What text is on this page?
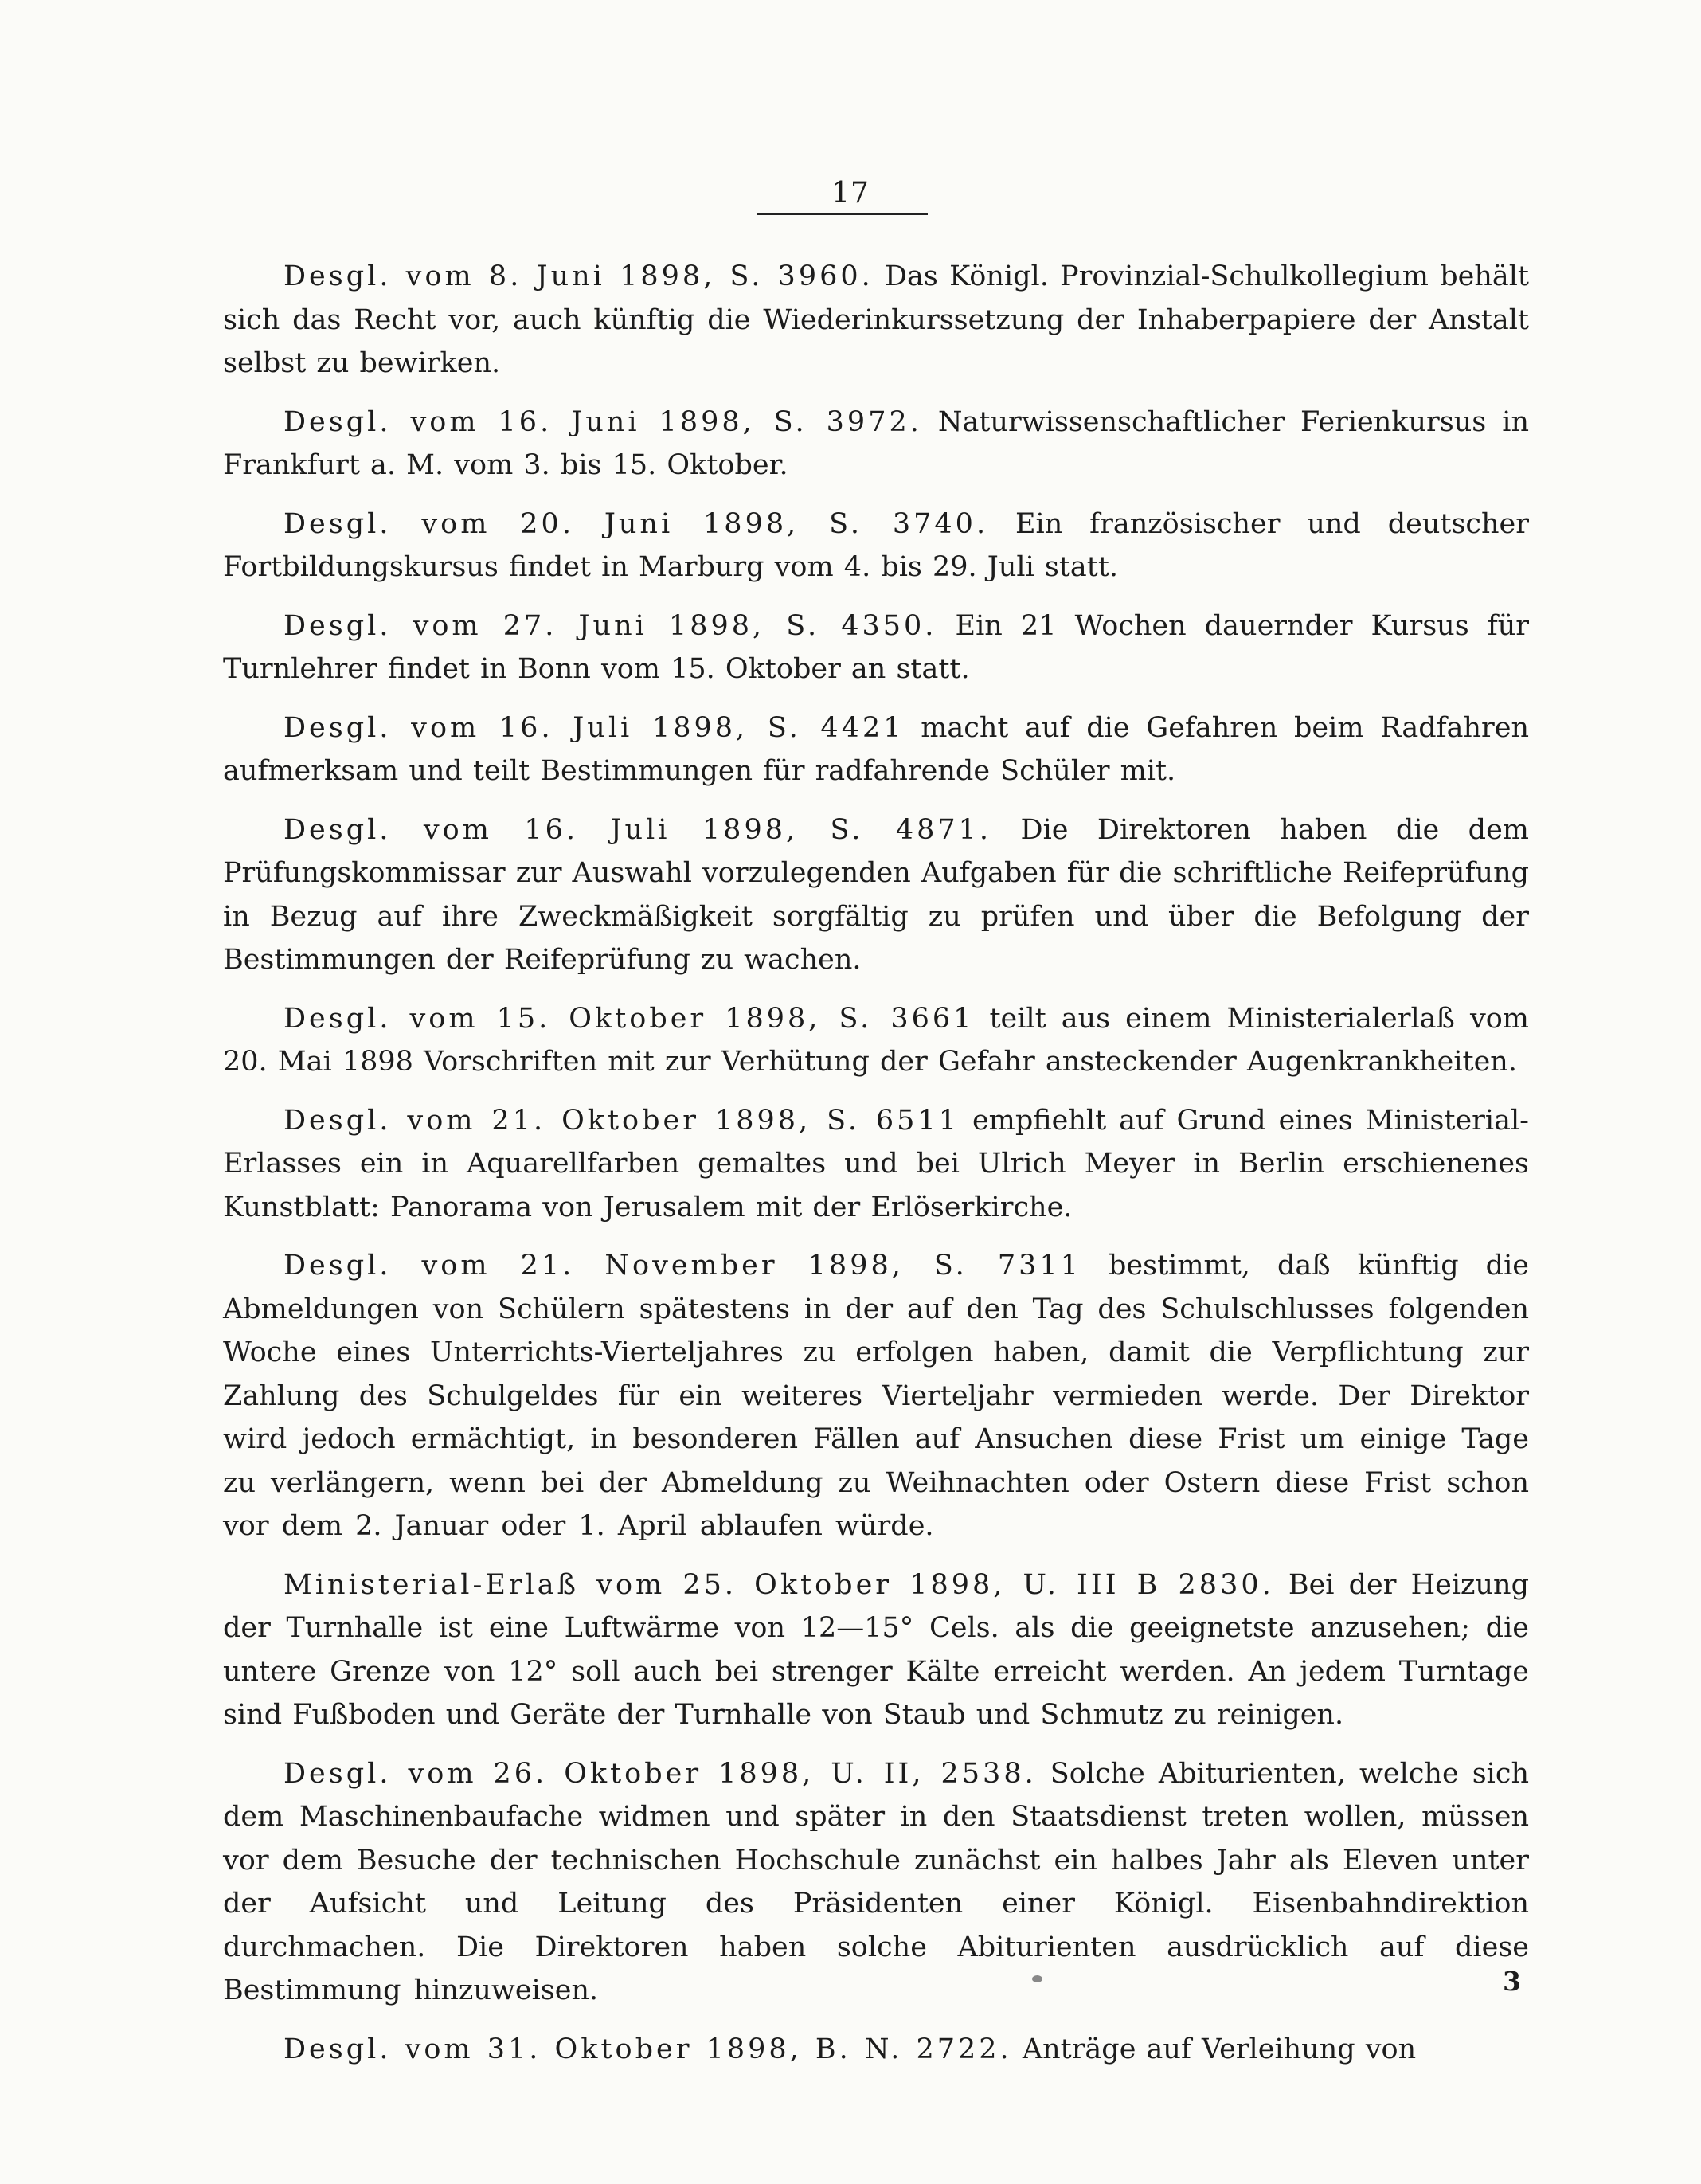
17

Desgl. vom 8. Juni 1898, S. 3960. Das Königl. Provinzial-Schulkollegium behält sich das Recht vor, auch künftig die Wiederinkurssetzung der Inhaberpapiere der Anstalt selbst zu bewirken.

Desgl. vom 16. Juni 1898, S. 3972. Naturwissenschaftlicher Ferienkursus in Frankfurt a. M. vom 3. bis 15. Oktober.

Desgl. vom 20. Juni 1898, S. 3740. Ein französischer und deutscher Fortbildungskursus findet in Marburg vom 4. bis 29. Juli statt.

Desgl. vom 27. Juni 1898, S. 4350. Ein 21 Wochen dauernder Kursus für Turnlehrer findet in Bonn vom 15. Oktober an statt.

Desgl. vom 16. Juli 1898, S. 4421 macht auf die Gefahren beim Radfahren aufmerksam und teilt Bestimmungen für radfahrende Schüler mit.

Desgl. vom 16. Juli 1898, S. 4871. Die Direktoren haben die dem Prüfungskommissar zur Auswahl vorzulegenden Aufgaben für die schriftliche Reifeprüfung in Bezug auf ihre Zweckmäßigkeit sorgfältig zu prüfen und über die Befolgung der Bestimmungen der Reifeprüfung zu wachen.

Desgl. vom 15. Oktober 1898, S. 3661 teilt aus einem Ministerialerlaß vom 20. Mai 1898 Vorschriften mit zur Verhütung der Gefahr ansteckender Augenkrankheiten.

Desgl. vom 21. Oktober 1898, S. 6511 empfiehlt auf Grund eines Ministerial-Erlasses ein in Aquarellfarben gemaltes und bei Ulrich Meyer in Berlin erschienenes Kunstblatt: Panorama von Jerusalem mit der Erlöserkirche.

Desgl. vom 21. November 1898, S. 7311 bestimmt, daß künftig die Abmeldungen von Schülern spätestens in der auf den Tag des Schulschlusses folgenden Woche eines Unterrichts-Vierteljahres zu erfolgen haben, damit die Verpflichtung zur Zahlung des Schulgeldes für ein weiteres Vierteljahr vermieden werde. Der Direktor wird jedoch ermächtigt, in besonderen Fällen auf Ansuchen diese Frist um einige Tage zu verlängern, wenn bei der Abmeldung zu Weihnachten oder Ostern diese Frist schon vor dem 2. Januar oder 1. April ablaufen würde.

Ministerial-Erlaß vom 25. Oktober 1898, U. III B 2830. Bei der Heizung der Turnhalle ist eine Luftwärme von 12—15° Cels. als die geeignetste anzusehen; die untere Grenze von 12° soll auch bei strenger Kälte erreicht werden. An jedem Turntage sind Fußboden und Geräte der Turnhalle von Staub und Schmutz zu reinigen.

Desgl. vom 26. Oktober 1898, U. II, 2538. Solche Abiturienten, welche sich dem Maschinenbaufache widmen und später in den Staatsdienst treten wollen, müssen vor dem Besuche der technischen Hochschule zunächst ein halbes Jahr als Eleven unter der Aufsicht und Leitung des Präsidenten einer Königl. Eisenbahndirektion durchmachen. Die Direktoren haben solche Abiturienten ausdrücklich auf diese Bestimmung hinzuweisen.

Desgl. vom 31. Oktober 1898, B. N. 2722. Anträge auf Verleihung von

3
